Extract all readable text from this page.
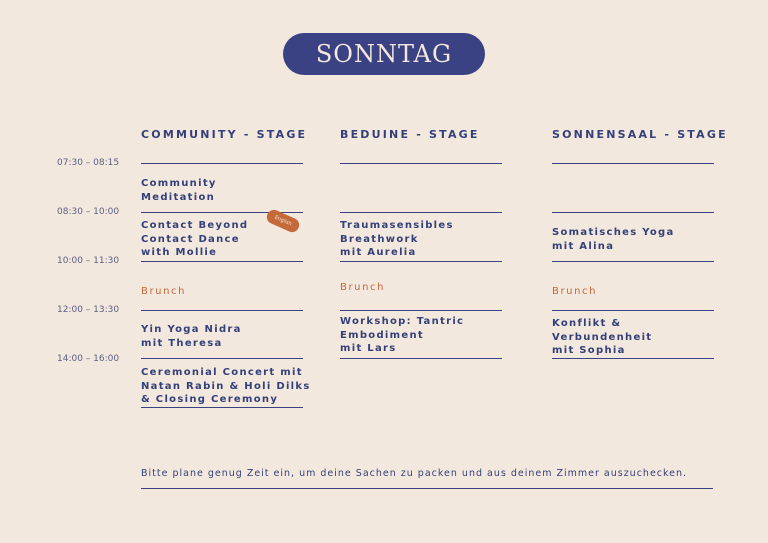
SONNTAG
COMMUNITY - STAGE	BEDUINE - STAGE	SONNENSAAL - STAGE
07:30 – 08:15
08:30 – 10:00
10:00 – 11:30
12:00 – 13:30
14:00 – 16:00
Community
Meditation
Contact Beyond
Contact Dance
with Mollie
English
Brunch
Yin Yoga Nidra
mit Theresa
Ceremonial Concert mit
Natan Rabin & Holi Dilks
& Closing Ceremony
Traumasensibles
Breathwork
mit Aurelia
Brunch
Workshop: Tantric
Embodiment
mit Lars
Somatisches Yoga
mit Alina
Brunch
Konflikt &
Verbundenheit
mit Sophia
Bitte plane genug Zeit ein, um deine Sachen zu packen und aus deinem Zimmer auszuchecken.
